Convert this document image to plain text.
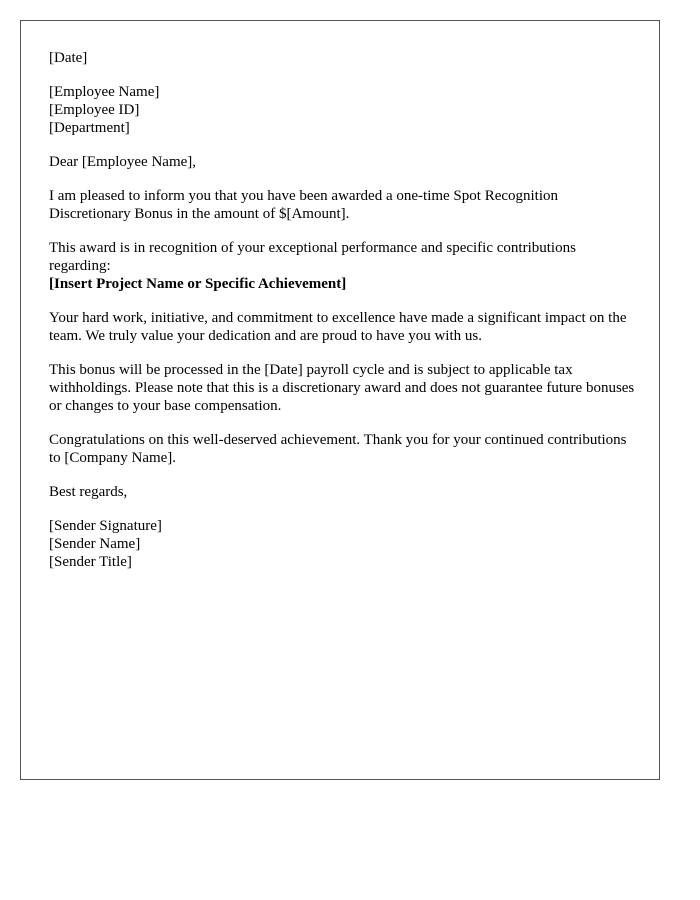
[Date]

[Employee Name]
[Employee ID]
[Department]

Dear [Employee Name],

I am pleased to inform you that you have been awarded a one-time Spot Recognition Discretionary Bonus in the amount of $[Amount].

This award is in recognition of your exceptional performance and specific contributions regarding:
[Insert Project Name or Specific Achievement]

Your hard work, initiative, and commitment to excellence have made a significant impact on the team. We truly value your dedication and are proud to have you with us.

This bonus will be processed in the [Date] payroll cycle and is subject to applicable tax withholdings. Please note that this is a discretionary award and does not guarantee future bonuses or changes to your base compensation.

Congratulations on this well-deserved achievement. Thank you for your continued contributions to [Company Name].

Best regards,

[Sender Signature]
[Sender Name]
[Sender Title]
